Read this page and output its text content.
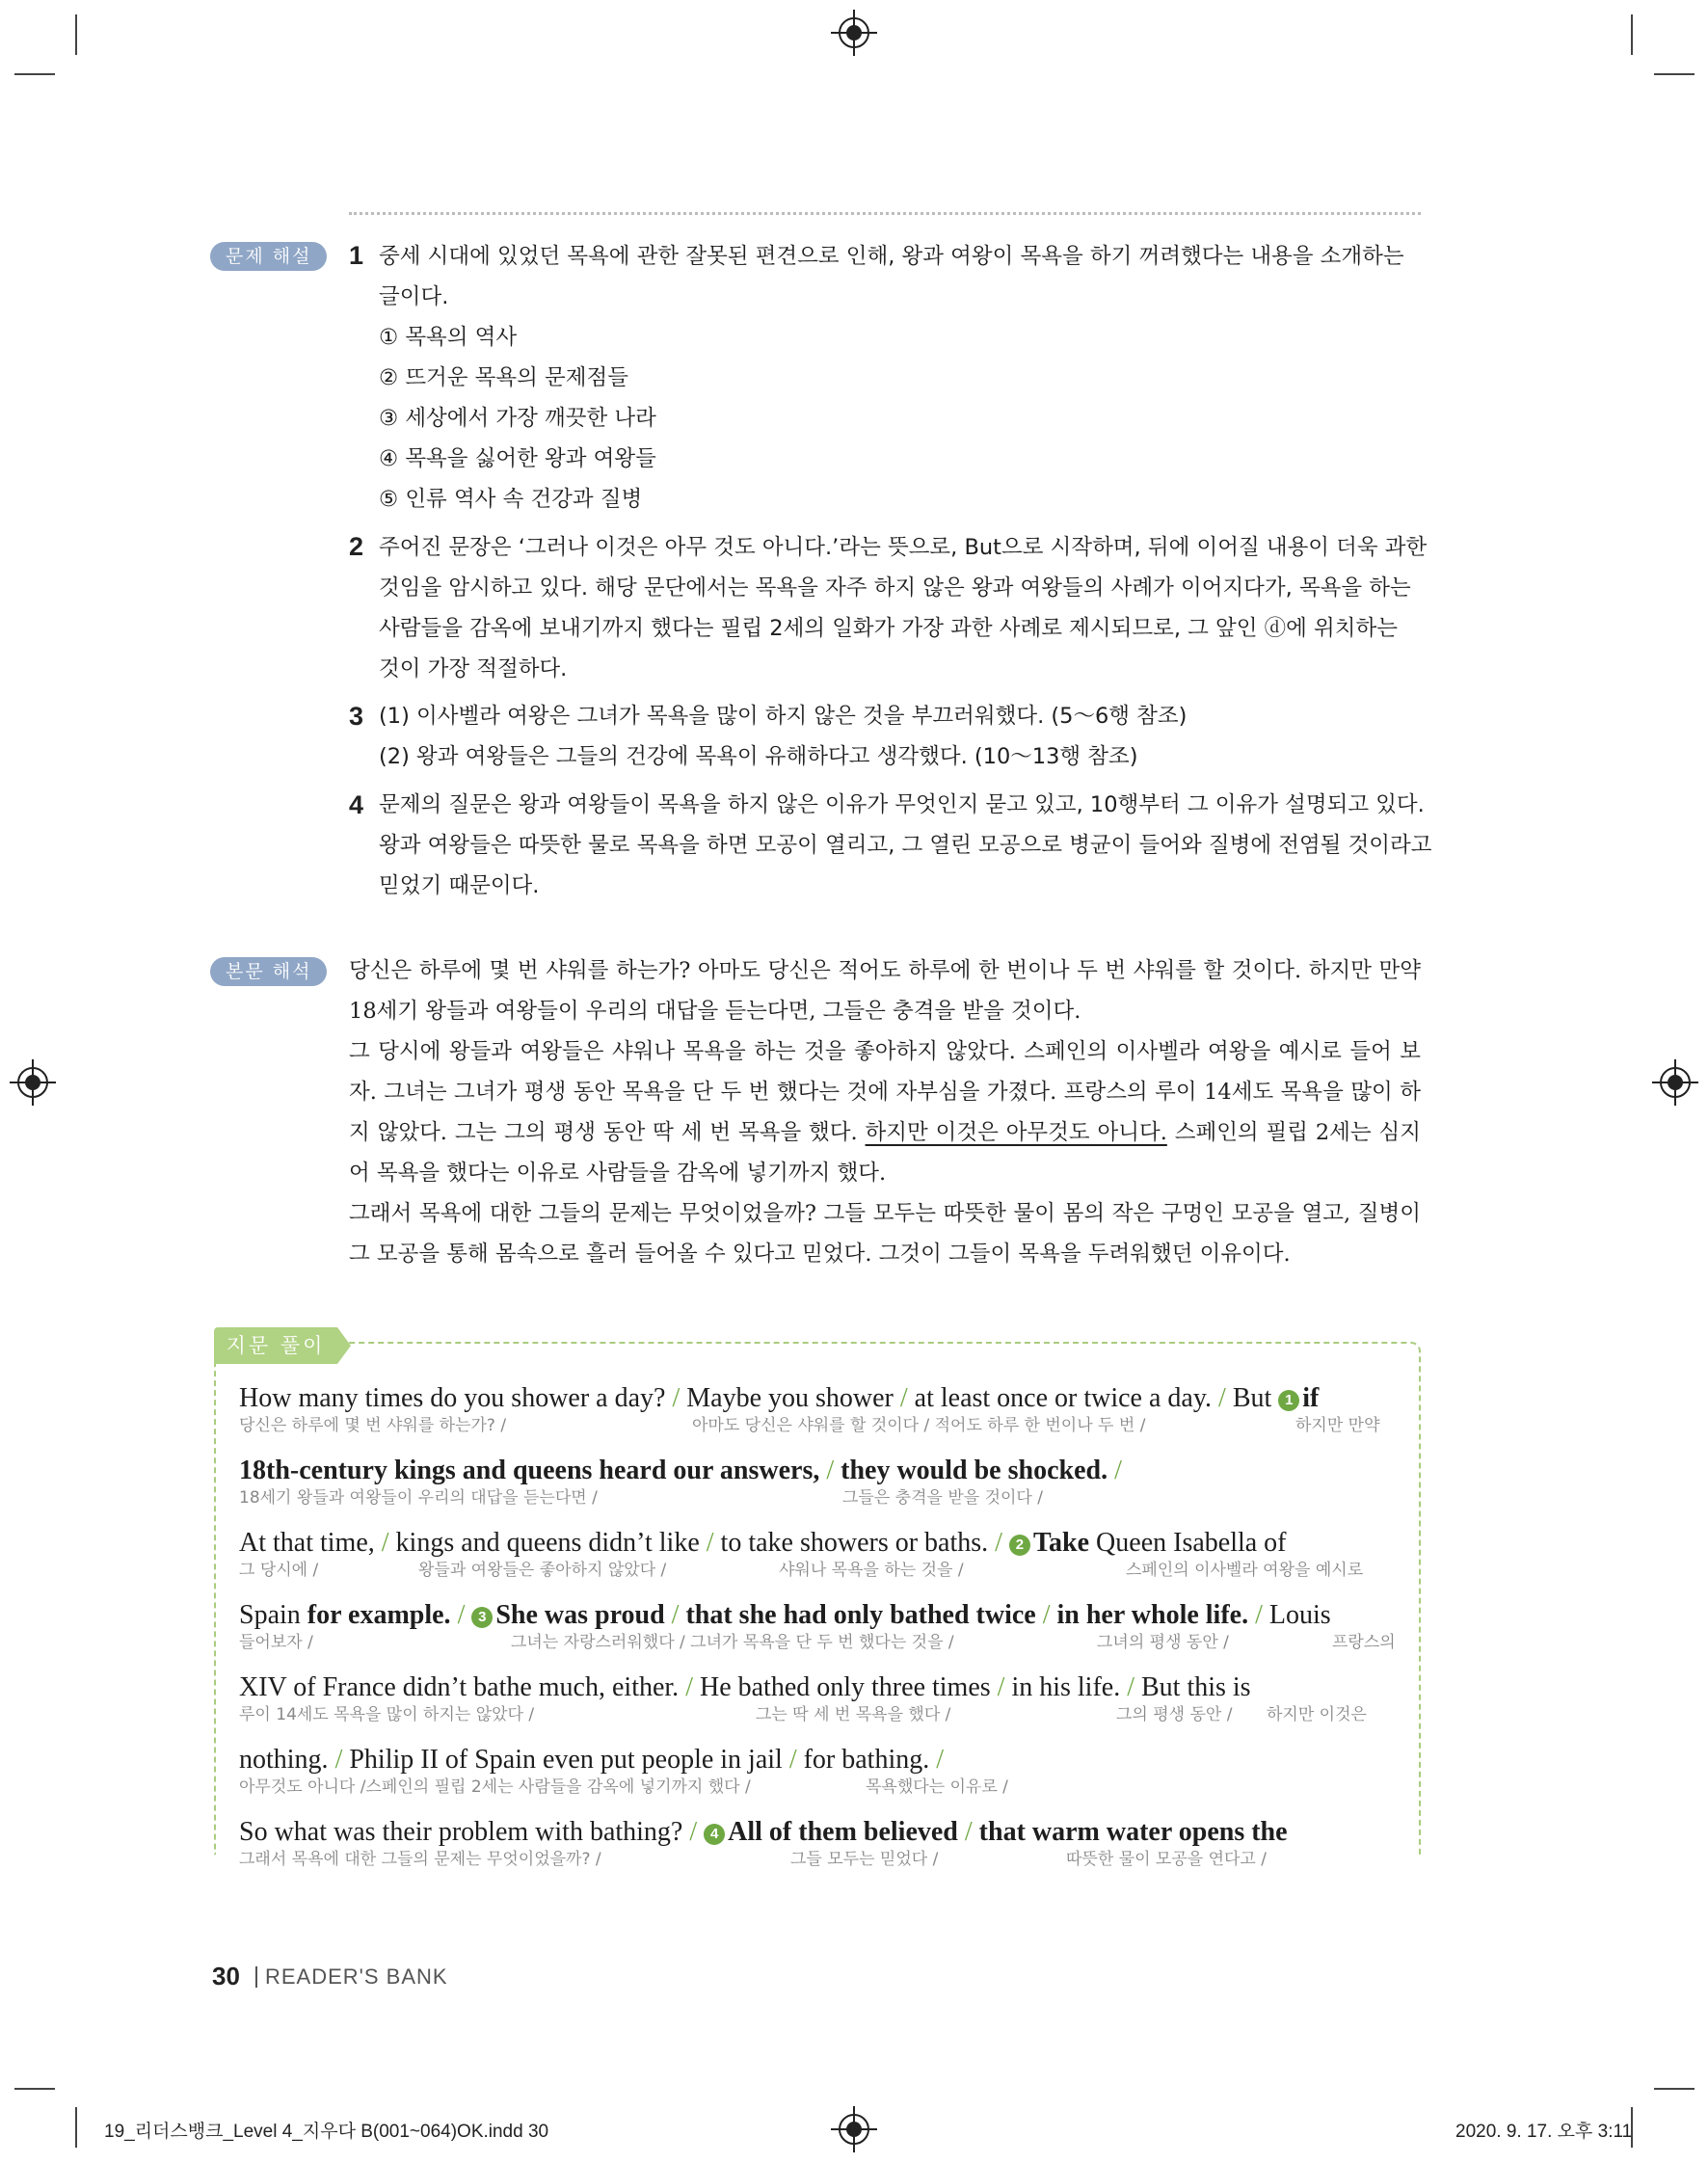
문제 해설	1 중세 시대에 있었던 목욕에 관한 잘못된 편견으로 인해, 왕과 여왕이 목욕을 하기 꺼려했다는 내용을 소개하는
글이다.
① 목욕의 역사
② 뜨거운 목욕의 문제점들
③ 세상에서 가장 깨끗한 나라
④ 목욕을 싫어한 왕과 여왕들
⑤ 인류 역사 속 건강과 질병
2 주어진 문장은 ‘그러나 이것은 아무 것도 아니다.’라는 뜻으로, But으로 시작하며, 뒤에 이어질 내용이 더욱 과한
것임을 암시하고 있다. 해당 문단에서는 목욕을 자주 하지 않은 왕과 여왕들의 사례가 이어지다가, 목욕을 하는
사람들을 감옥에 보내기까지 했다는 필립 2세의 일화가 가장 과한 사례로 제시되므로, 그 앞인 ⓓ에 위치하는
것이 가장 적절하다.
3 (1) 이사벨라 여왕은 그녀가 목욕을 많이 하지 않은 것을 부끄러워했다. (5～6행 참조)
(2) 왕과 여왕들은 그들의 건강에 목욕이 유해하다고 생각했다. (10～13행 참조)
4 문제의 질문은 왕과 여왕들이 목욕을 하지 않은 이유가 무엇인지 묻고 있고, 10행부터 그 이유가 설명되고 있다.
왕과 여왕들은 따뜻한 물로 목욕을 하면 모공이 열리고, 그 열린 모공으로 병균이 들어와 질병에 전염될 것이라고
믿었기 때문이다.
본문 해석	당신은 하루에 몇 번 샤워를 하는가? 아마도 당신은 적어도 하루에 한 번이나 두 번 샤워를 할 것이다. 하지만 만약 18세기 왕들과 여왕들이 우리의 대답을 듣는다면, 그들은 충격을 받을 것이다.

그 당시에 왕들과 여왕들은 샤워나 목욕을 하는 것을 좋아하지 않았다. 스페인의 이사벨라 여왕을 예시로 들어 보자. 그녀는 그녀가 평생 동안 목욕을 단 두 번 했다는 것에 자부심을 가졌다. 프랑스의 루이 14세도 목욕을 많이 하지 않았다. 그는 그의 평생 동안 딱 세 번 목욕을 했다. 하지만 이것은 아무것도 아니다. 스페인의 필립 2세는 심지어 목욕을 했다는 이유로 사람들을 감옥에 넣기까지 했다.

그래서 목욕에 대한 그들의 문제는 무엇이었을까? 그들 모두는 따뜻한 물이 몸의 작은 구멍인 모공을 열고, 질병이 그 모공을 통해 몸속으로 흘러 들어올 수 있다고 믿었다. 그것이 그들이 목욕을 두려워했던 이유이다.

지문 풀이
How many times do you shower a day? / Maybe you shower / at least once or twice a day. / But 1 if
당신은 하루에 몇 번 샤워를 하는가? /	아마도 당신은 샤워를 할 것이다 / 적어도 하루 한 번이나 두 번 /	하지만 만약
18th-century kings and queens heard our answers, / they would be shocked. /
18세기 왕들과 여왕들이 우리의 대답을 듣는다면 /	그들은 충격을 받을 것이다 /
At that time, / kings and queens didn’t like / to take showers or baths. / 2 Take Queen Isabella of
그 당시에 /	왕들과 여왕들은 좋아하지 않았다 /	샤워나 목욕을 하는 것을 /	스페인의 이사벨라 여왕을 예시로
Spain for example. / 3 She was proud / that she had only bathed twice / in her whole life. / Louis
들어보자 /	그녀는 자랑스러워했다 / 그녀가 목욕을 단 두 번 했다는 것을 /	그녀의 평생 동안 /	프랑스의
XIV of France didn’t bathe much, either. / He bathed only three times / in his life. / But this is
루이 14세도 목욕을 많이 하지는 않았다 /	그는 딱 세 번 목욕을 했다 /	그의 평생 동안 / 하지만 이것은
nothing. / Philip II of Spain even put people in jail / for bathing. /
아무것도 아니다 /스페인의 필립 2세는 사람들을 감옥에 넣기까지 했다 /	목욕했다는 이유로 /
So what was their problem with bathing? / 4 All of them believed / that warm water opens the
그래서 목욕에 대한 그들의 문제는 무엇이었을까? /	그들 모두는 믿었다 /	따뜻한 물이 모공을 연다고 /
30 READER'S BANK
19_리더스뱅크_Level 4_지우다 B(001~064)OK.indd 30	2020. 9. 17. 오후 3:11
